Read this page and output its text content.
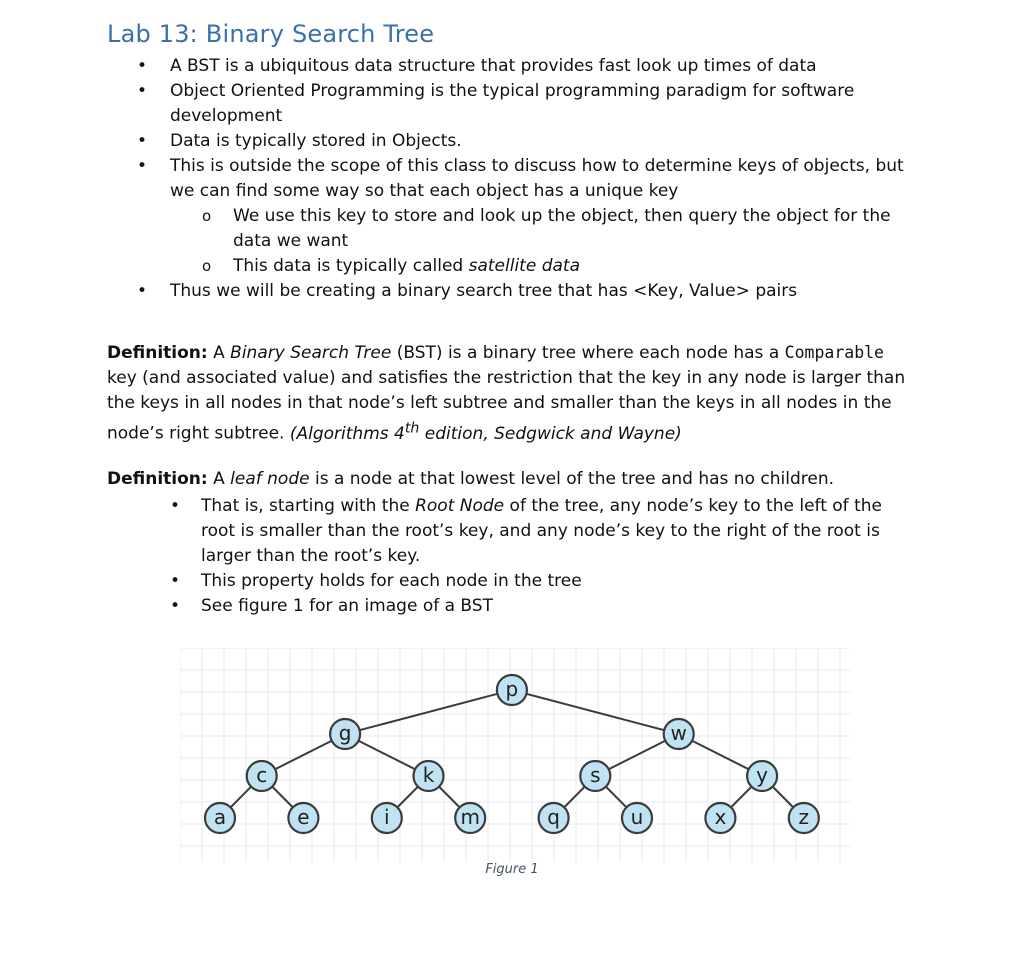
Lab 13: Binary Search Tree
• A BST is a ubiquitous data structure that provides fast look up times of data
• Object Oriented Programming is the typical programming paradigm for software development
• Data is typically stored in Objects.
• This is outside the scope of this class to discuss how to determine keys of objects, but we can find some way so that each object has a unique key
o We use this key to store and look up the object, then query the object for the data we want
o This data is typically called satellite data
• Thus we will be creating a binary search tree that has <Key, Value> pairs

Definition: A Binary Search Tree (BST) is a binary tree where each node has a Comparable key (and associated value) and satisfies the restriction that the key in any node is larger than the keys in all nodes in that node’s left subtree and smaller than the keys in all nodes in the node’s right subtree. (Algorithms 4th edition, Sedgwick and Wayne)

Definition: A leaf node is a node at that lowest level of the tree and has no children.

• That is, starting with the Root Node of the tree, any node’s key to the left of the root is smaller than the root’s key, and any node’s key to the right of the root is larger than the root’s key.
• This property holds for each node in the tree
• See figure 1 for an image of a BST
p
g	w
c	k	s	y
a	e	i	m	q	u	x	z
Figure 1
